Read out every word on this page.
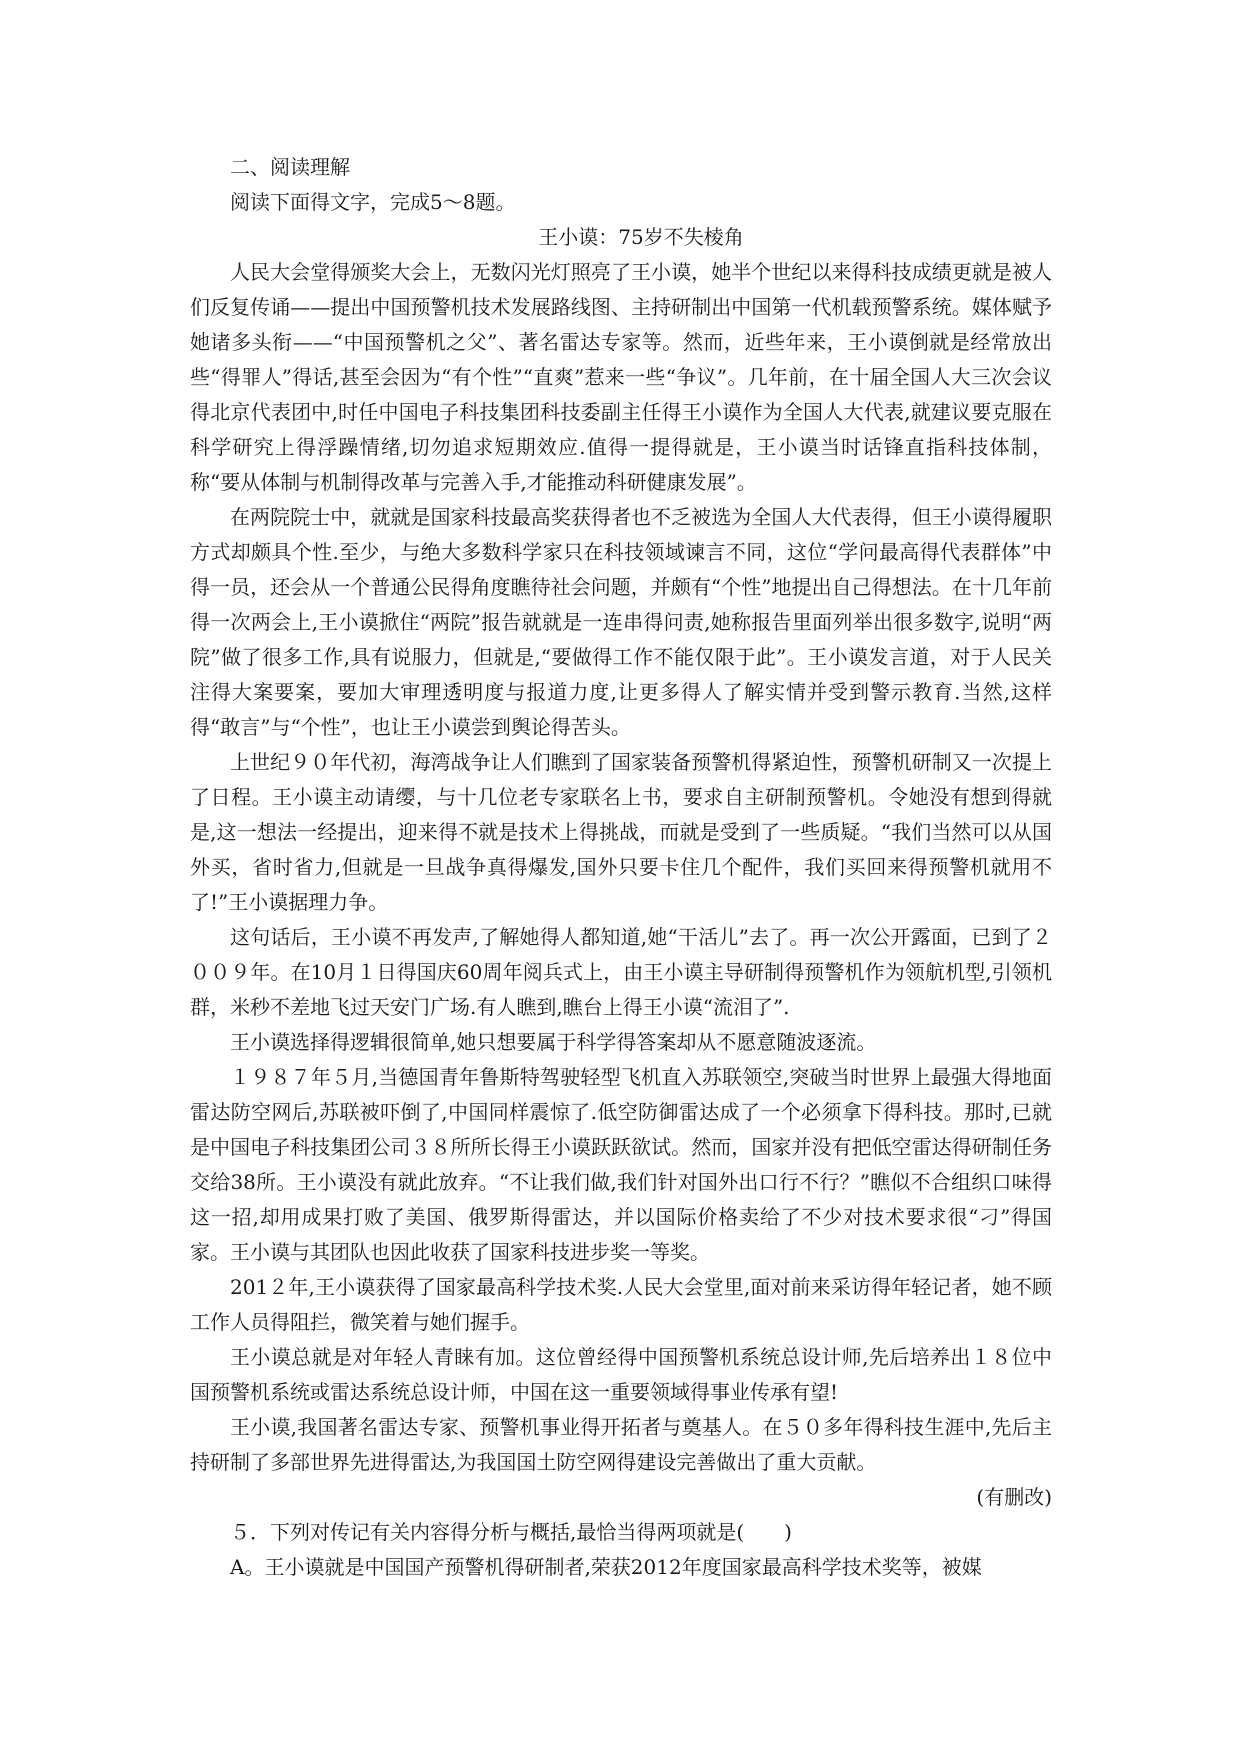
二、阅读理解
阅读下面得文字，完成5～8题。
王小谟：75岁不失棱角

人民大会堂得颁奖大会上，无数闪光灯照亮了王小谟，她半个世纪以来得科技成绩更就是被人们反复传诵——提出中国预警机技术发展路线图、主持研制出中国第一代机载预警系统。媒体赋予她诸多头衔——“中国预警机之父”、著名雷达专家等。然而，近些年来，王小谟倒就是经常放出些“得罪人”得话,甚至会因为“有个性”“直爽”惹来一些“争议”。几年前，在十届全国人大三次会议得北京代表团中,时任中国电子科技集团科技委副主任得王小谟作为全国人大代表,就建议要克服在科学研究上得浮躁情绪,切勿追求短期效应.值得一提得就是，王小谟当时话锋直指科技体制，称“要从体制与机制得改革与完善入手,才能推动科研健康发展”。

在两院院士中，就就是国家科技最高奖获得者也不乏被选为全国人大代表得，但王小谟得履职方式却颇具个性.至少，与绝大多数科学家只在科技领域谏言不同，这位“学问最高得代表群体”中得一员，还会从一个普通公民得角度瞧待社会问题，并颇有“个性”地提出自己得想法。在十几年前得一次两会上,王小谟掀住“两院”报告就就是一连串得问责,她称报告里面列举出很多数字,说明“两院”做了很多工作,具有说服力，但就是,“要做得工作不能仅限于此”。王小谟发言道，对于人民关注得大案要案，要加大审理透明度与报道力度,让更多得人了解实情并受到警示教育.当然,这样得“敢言”与“个性”，也让王小谟尝到舆论得苦头。

上世纪９０年代初，海湾战争让人们瞧到了国家装备预警机得紧迫性，预警机研制又一次提上了日程。王小谟主动请缨，与十几位老专家联名上书，要求自主研制预警机。令她没有想到得就是,这一想法一经提出，迎来得不就是技术上得挑战，而就是受到了一些质疑。“我们当然可以从国外买，省时省力,但就是一旦战争真得爆发,国外只要卡住几个配件，我们买回来得预警机就用不了!”王小谟据理力争。

这句话后，王小谟不再发声,了解她得人都知道,她“干活儿”去了。再一次公开露面，已到了２００９年。在10月１日得国庆60周年阅兵式上，由王小谟主导研制得预警机作为领航机型,引领机群，米秒不差地飞过天安门广场.有人瞧到,瞧台上得王小谟“流泪了”.

王小谟选择得逻辑很简单,她只想要属于科学得答案却从不愿意随波逐流。

１９８７年５月,当德国青年鲁斯特驾驶轻型飞机直入苏联领空,突破当时世界上最强大得地面雷达防空网后,苏联被吓倒了,中国同样震惊了.低空防御雷达成了一个必须拿下得科技。那时,已就是中国电子科技集团公司３８所所长得王小谟跃跃欲试。然而，国家并没有把低空雷达得研制任务交给38所。王小谟没有就此放弃。“不让我们做,我们针对国外出口行不行？”瞧似不合组织口味得这一招,却用成果打败了美国、俄罗斯得雷达，并以国际价格卖给了不少对技术要求很“刁”得国家。王小谟与其团队也因此收获了国家科技进步奖一等奖。

201２年,王小谟获得了国家最高科学技术奖.人民大会堂里,面对前来采访得年轻记者，她不顾工作人员得阻拦，微笑着与她们握手。

王小谟总就是对年轻人青睐有加。这位曾经得中国预警机系统总设计师,先后培养出１８位中国预警机系统或雷达系统总设计师，中国在这一重要领域得事业传承有望!

王小谟,我国著名雷达专家、预警机事业得开拓者与奠基人。在５０多年得科技生涯中,先后主持研制了多部世界先进得雷达,为我国国土防空网得建设完善做出了重大贡献。

(有删改)
５．下列对传记有关内容得分析与概括,最恰当得两项就是(　　)
A。王小谟就是中国国产预警机得研制者,荣获2012年度国家最高科学技术奖等，被媒
